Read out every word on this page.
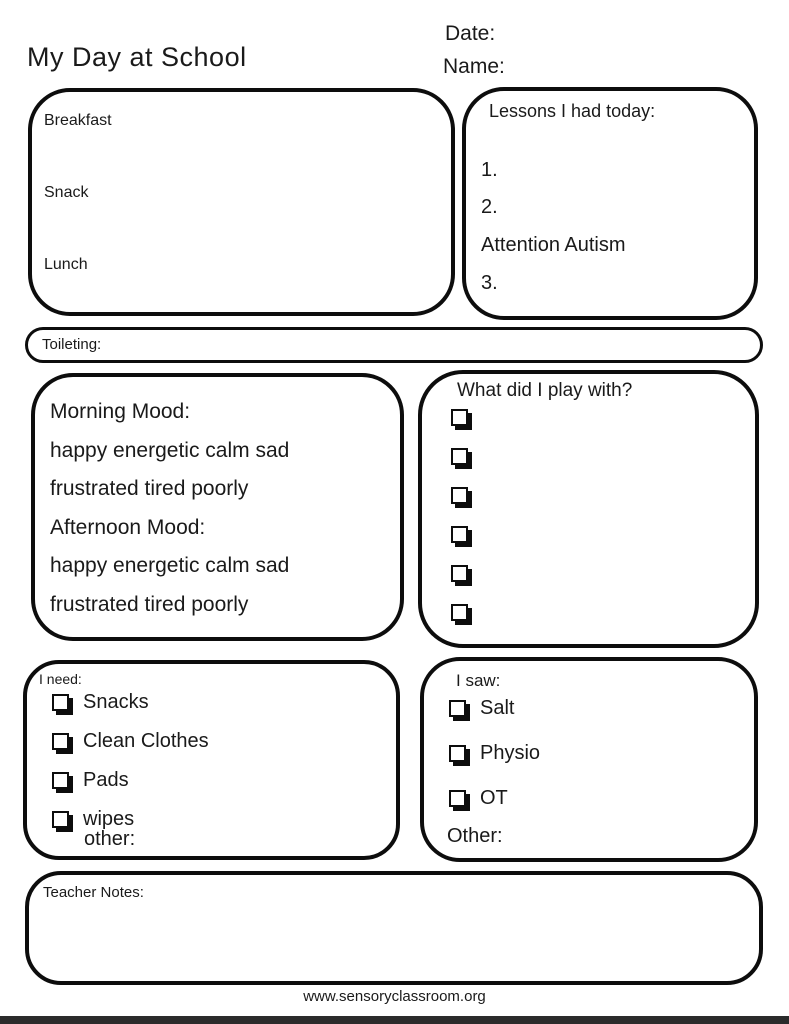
My Day at School
Date:
Name:
Breakfast
Snack
Lunch
Lessons I had today:
1.
2.
Attention Autism
3.
Toileting:
Morning Mood:
happy energetic calm sad
frustrated tired poorly
Afternoon Mood:
happy energetic calm sad
frustrated tired poorly
What did I play with?
I need:
Snacks
Clean Clothes
Pads
wipes
other:
I saw:
Salt
Physio
OT
Other:
Teacher Notes:
www.sensoryclassroom.org
